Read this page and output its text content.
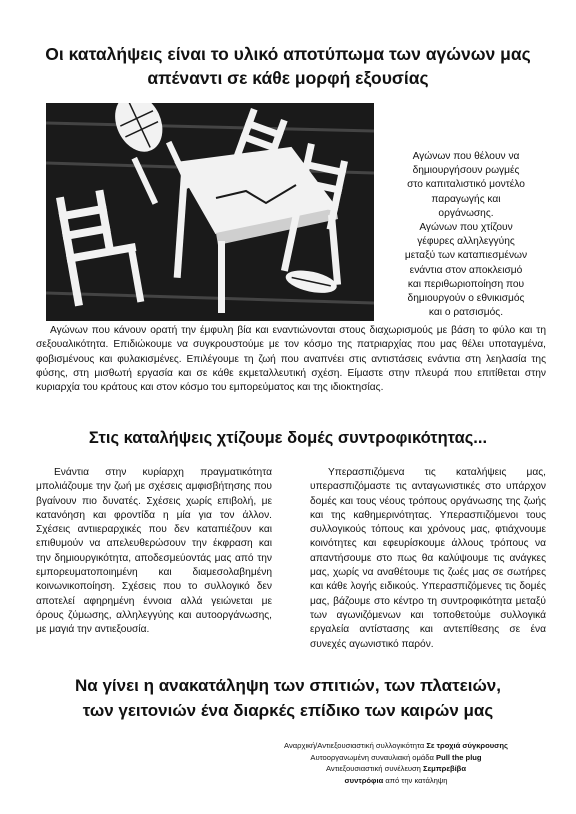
Οι καταλήψεις είναι το υλικό αποτύπωμα των αγώνων μας
απέναντι σε κάθε μορφή εξουσίας

Αγώνων που θέλουν να

δημιουργήσουν ρωγμές

στο καπιταλιστικό μοντέλο

παραγωγής και

οργάνωσης.

Αγώνων που χτίζουν

γέφυρες αλληλεγγύης

μεταξύ των καταπιεσμένων

ενάντια στον αποκλεισμό

και περιθωριοποίηση που

δημιουργούν ο εθνικισμός

και ο ρατσισμός.

Αγώνων που κάνουν ορατή την έμφυλη βία και εναντιώνονται στους διαχωρισμούς με βάση το φύλο και τη σεξουαλικότητα. Επιδιώκουμε να συγκρουστούμε με τον κόσμο της πατριαρχίας που μας θέλει υποταγμένα, φοβισμένους και φυλακισμένες. Επιλέγουμε τη ζωή που αναπνέει στις αντιστάσεις ενάντια στη λεηλασία της φύσης, στη μισθωτή εργασία και σε κάθε εκμεταλλευτική σχέση. Είμαστε στην πλευρά που επιτίθεται στην κυριαρχία του κράτους και στον κόσμο του εμπορεύματος και της ιδιοκτησίας.

Στις καταλήψεις χτίζουμε δομές συντροφικότητας...

Ενάντια στην κυρίαρχη πραγματικότητα μπολιάζουμε την ζωή με σχέσεις αμφισβήτησης που βγαίνουν πιο δυνατές. Σχέσεις χωρίς επιβολή, με κατανόηση και φροντίδα η μία για τον άλλον. Σχέσεις αντιιεραρχικές που δεν καταπιέζουν και επιθυμούν να απελευθερώσουν την έκφραση και την δημιουργικότητα, αποδεσμεύοντάς μας από την εμπορευματοποιημένη και διαμεσολαβημένη κοινωνικοποίηση. Σχέσεις που το συλλογικό δεν αποτελεί αφηρημένη έννοια αλλά γειώνεται με όρους ζύμωσης, αλληλεγγύης και αυτοοργάνωσης, με μαγιά την αντιεξουσία.

Υπερασπιζόμενα τις καταλήψεις μας, υπερασπιζόμαστε τις ανταγωνιστικές στο υπάρχον δομές και τους νέους τρόπους οργάνωσης της ζωής και της καθημερινότητας. Υπερασπιζόμενοι τους συλλογικούς τόπους και χρόνους μας, φτιάχνουμε κοινότητες και εφευρίσκουμε άλλους τρόπους να απαντήσουμε στο πως θα καλύψουμε τις ανάγκες μας, χωρίς να αναθέτουμε τις ζωές μας σε σωτήρες και κάθε λογής ειδικούς. Υπερασπιζόμενες τις δομές μας, βάζουμε στο κέντρο τη συντροφικότητα μεταξύ των αγωνιζόμενων και τοποθετούμε συλλογικά εργαλεία αντίστασης και αντεπίθεσης σε ένα συνεχές αγωνιστικό παρόν.

Να γίνει η ανακατάληψη των σπιτιών, των πλατειών,
των γειτονιών ένα διαρκές επίδικο των καιρών μας
Αναρχική/Αντιεξουσιαστική συλλογικότητα Σε τροχιά σύγκρουσης
Αυτοοργανωμένη συναυλιακή ομάδα Pull the plug
Αντιεξουσιαστική συνέλευση Σεμπρεβίβα
συντρόφια από την κατάληψη
